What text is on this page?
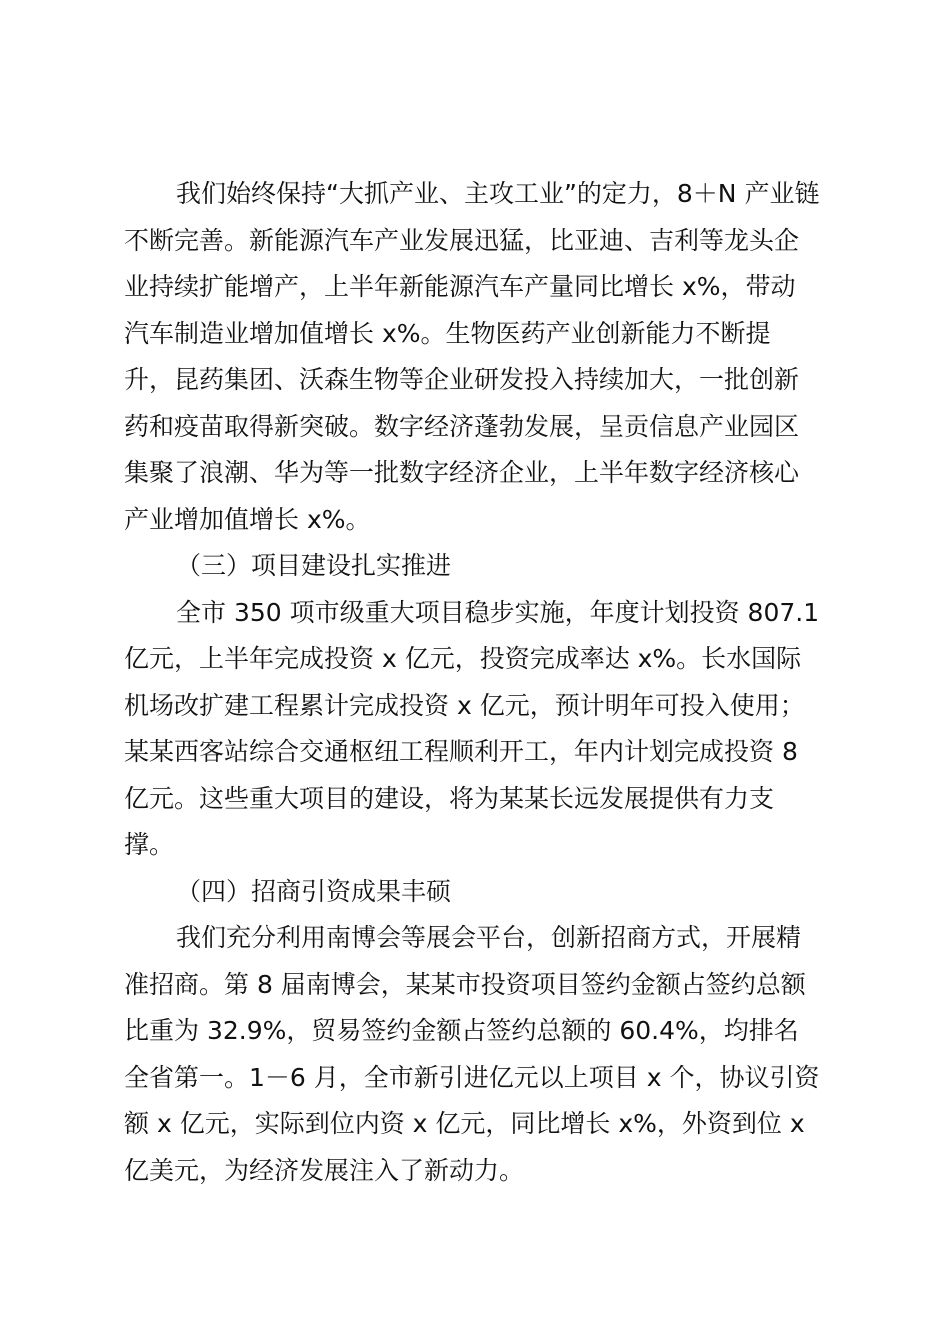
我们始终保持“大抓产业、主攻工业”的定力，8＋N 产业链
不断完善。新能源汽车产业发展迅猛，比亚迪、吉利等龙头企
业持续扩能增产，上半年新能源汽车产量同比增长 x%，带动
汽车制造业增加值增长 x%。生物医药产业创新能力不断提
升，昆药集团、沃森生物等企业研发投入持续加大，一批创新
药和疫苗取得新突破。数字经济蓬勃发展，呈贡信息产业园区
集聚了浪潮、华为等一批数字经济企业，上半年数字经济核心
产业增加值增长 x%。
（三）项目建设扎实推进
全市 350 项市级重大项目稳步实施，年度计划投资 807.1
亿元，上半年完成投资 x 亿元，投资完成率达 x%。长水国际
机场改扩建工程累计完成投资 x 亿元，预计明年可投入使用；
某某西客站综合交通枢纽工程顺利开工，年内计划完成投资 8
亿元。这些重大项目的建设，将为某某长远发展提供有力支
撑。
（四）招商引资成果丰硕
我们充分利用南博会等展会平台，创新招商方式，开展精
准招商。第 8 届南博会，某某市投资项目签约金额占签约总额
比重为 32.9%，贸易签约金额占签约总额的 60.4%，均排名
全省第一。1－6 月，全市新引进亿元以上项目 x 个，协议引资
额 x 亿元，实际到位内资 x 亿元，同比增长 x%，外资到位 x
亿美元，为经济发展注入了新动力。
